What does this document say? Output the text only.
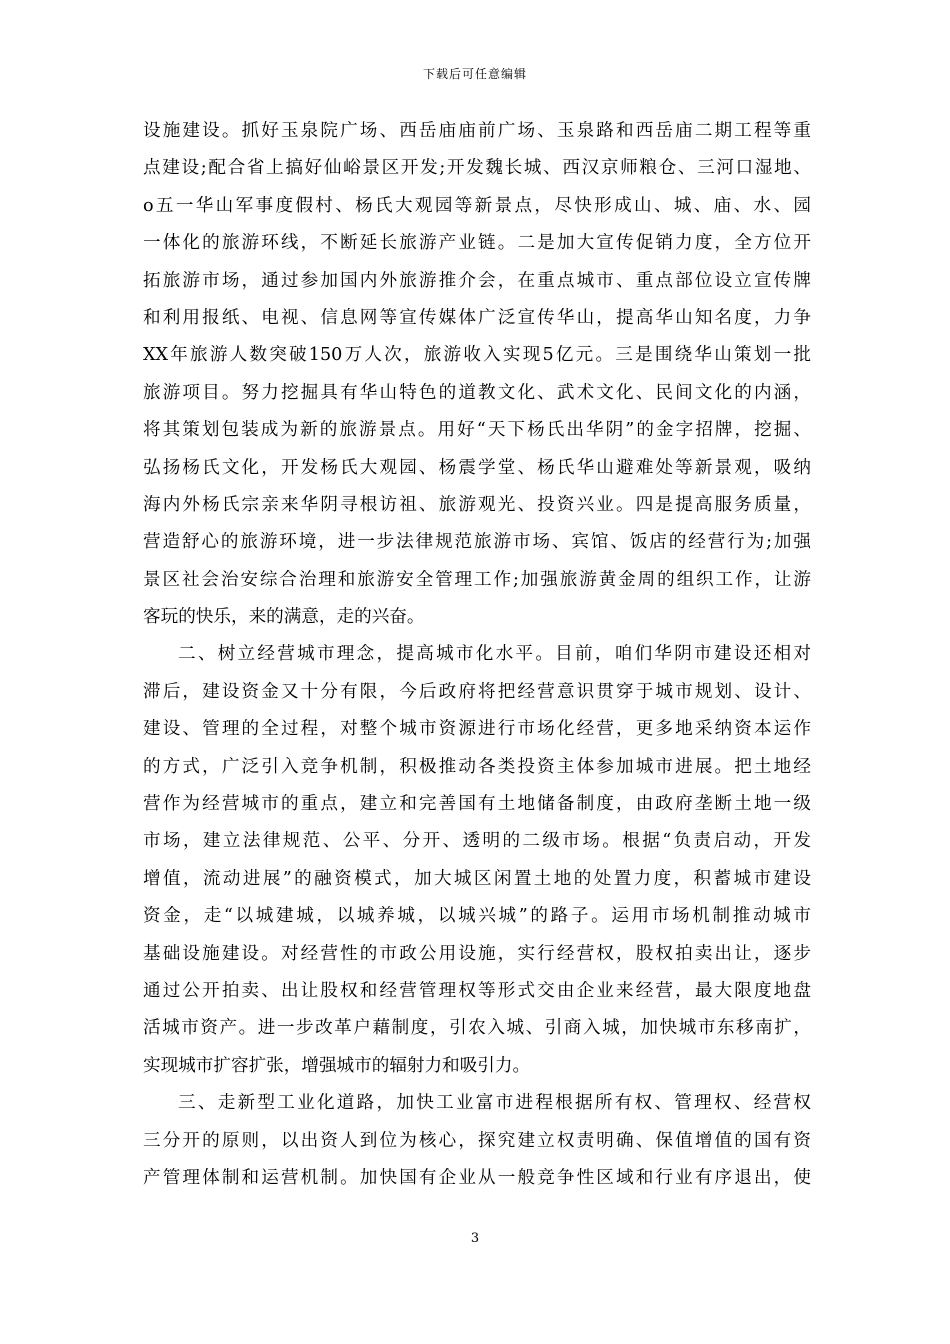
下载后可任意编辑
设施建设。抓好玉泉院广场、西岳庙庙前广场、玉泉路和西岳庙二期工程等重
点建设;配合省上搞好仙峪景区开发;开发魏长城、西汉京师粮仓、三河口湿地、
o五一华山军事度假村、杨氏大观园等新景点，尽快形成山、城、庙、水、园
一体化的旅游环线，不断延长旅游产业链。二是加大宣传促销力度，全方位开
拓旅游市场，通过参加国内外旅游推介会，在重点城市、重点部位设立宣传牌
和利用报纸、电视、信息网等宣传媒体广泛宣传华山，提高华山知名度，力争
XX年旅游人数突破150万人次，旅游收入实现5亿元。三是围绕华山策划一批
旅游项目。努力挖掘具有华山特色的道教文化、武术文化、民间文化的内涵，
将其策划包装成为新的旅游景点。用好“天下杨氏出华阴”的金字招牌，挖掘、
弘扬杨氏文化，开发杨氏大观园、杨震学堂、杨氏华山避难处等新景观，吸纳
海内外杨氏宗亲来华阴寻根访祖、旅游观光、投资兴业。四是提高服务质量，
营造舒心的旅游环境，进一步法律规范旅游市场、宾馆、饭店的经营行为;加强
景区社会治安综合治理和旅游安全管理工作;加强旅游黄金周的组织工作，让游
客玩的快乐，来的满意，走的兴奋。
二、树立经营城市理念，提高城市化水平。目前，咱们华阴市建设还相对
滞后，建设资金又十分有限，今后政府将把经营意识贯穿于城市规划、设计、
建设、管理的全过程，对整个城市资源进行市场化经营，更多地采纳资本运作
的方式，广泛引入竞争机制，积极推动各类投资主体参加城市进展。把土地经
营作为经营城市的重点，建立和完善国有土地储备制度，由政府垄断土地一级
市场，建立法律规范、公平、分开、透明的二级市场。根据“负责启动，开发
增值，流动进展”的融资模式，加大城区闲置土地的处置力度，积蓄城市建设
资金，走“以城建城，以城养城，以城兴城”的路子。运用市场机制推动城市
基础设施建设。对经营性的市政公用设施，实行经营权，股权拍卖出让，逐步
通过公开拍卖、出让股权和经营管理权等形式交由企业来经营，最大限度地盘
活城市资产。进一步改革户藉制度，引农入城、引商入城，加快城市东移南扩，
实现城市扩容扩张，增强城市的辐射力和吸引力。
三、走新型工业化道路，加快工业富市进程根据所有权、管理权、经营权
三分开的原则，以出资人到位为核心，探究建立权责明确、保值增值的国有资
产管理体制和运营机制。加快国有企业从一般竞争性区域和行业有序退出，使
3
